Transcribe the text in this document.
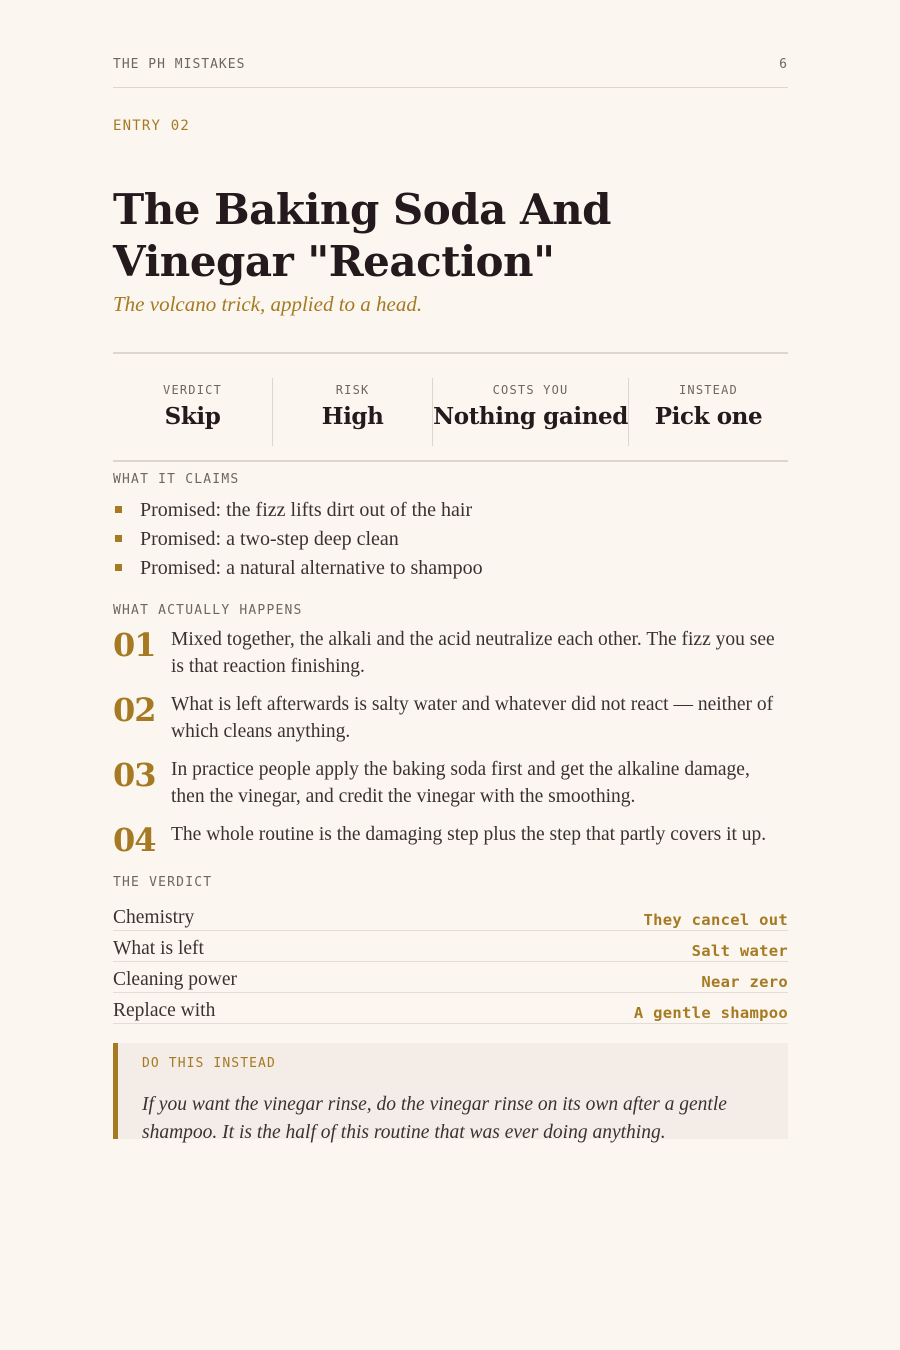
THE PH MISTAKES	6
ENTRY 02
The Baking Soda And Vinegar "Reaction"
The volcano trick, applied to a head.
VERDICT
Skip
RISK
High
COSTS YOU
Nothing gained
INSTEAD
Pick one
WHAT IT CLAIMS
Promised: the fizz lifts dirt out of the hair
Promised: a two-step deep clean
Promised: a natural alternative to shampoo
WHAT ACTUALLY HAPPENS
01 Mixed together, the alkali and the acid neutralize each other. The fizz you see is that reaction finishing.
02 What is left afterwards is salty water and whatever did not react — neither of which cleans anything.
03 In practice people apply the baking soda first and get the alkaline damage, then the vinegar, and credit the vinegar with the smoothing.
04 The whole routine is the damaging step plus the step that partly covers it up.
THE VERDICT
Chemistry	They cancel out
What is left	Salt water
Cleaning power	Near zero
Replace with	A gentle shampoo
DO THIS INSTEAD
If you want the vinegar rinse, do the vinegar rinse on its own after a gentle shampoo. It is the half of this routine that was ever doing anything.
